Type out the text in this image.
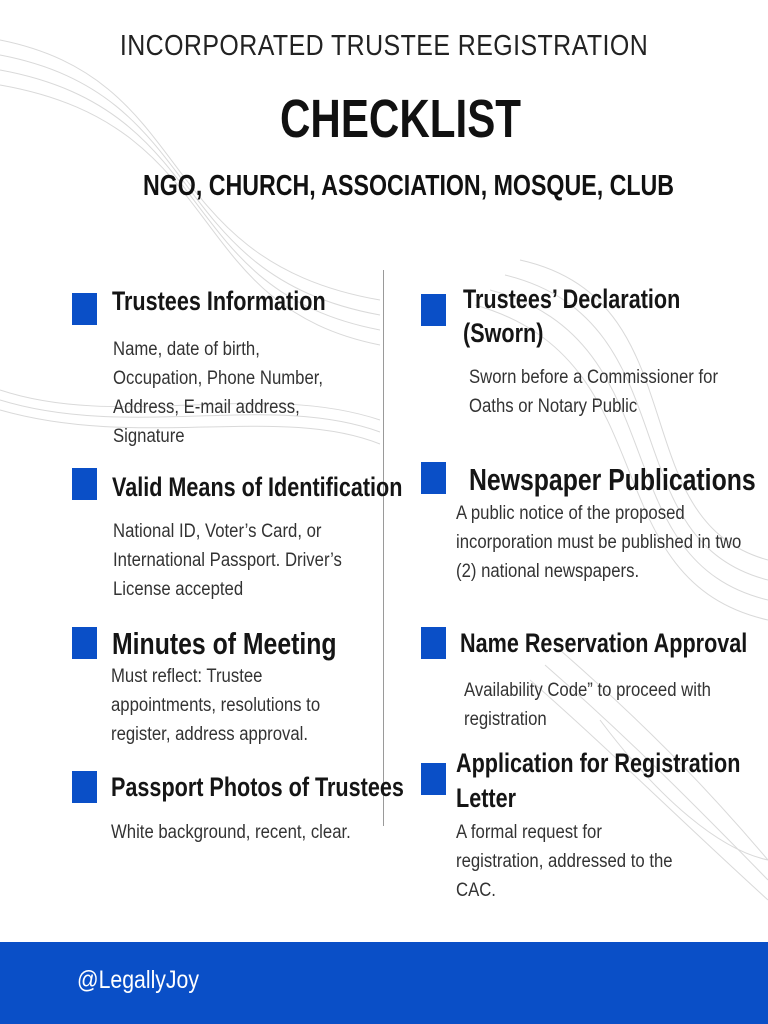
INCORPORATED TRUSTEE REGISTRATION
CHECKLIST
NGO, CHURCH, ASSOCIATION, MOSQUE, CLUB
Trustees Information
Name, date of birth,
Occupation, Phone Number,
Address, E-mail address,
Signature
Valid Means of Identification
National ID, Voter’s Card, or
International Passport. Driver’s
License accepted
Minutes of Meeting
Must reflect: Trustee
appointments, resolutions to
register, address approval.
Passport Photos of Trustees
White background, recent, clear.
Trustees’ Declaration
(Sworn)
Sworn before a Commissioner for
Oaths or Notary Public
Newspaper Publications
A public notice of the proposed
incorporation must be published in two
(2) national newspapers.
Name Reservation Approval
Availability Code” to proceed with
registration
Application for Registration
Letter
A formal request for
registration, addressed to the
CAC.
@LegallyJoy
